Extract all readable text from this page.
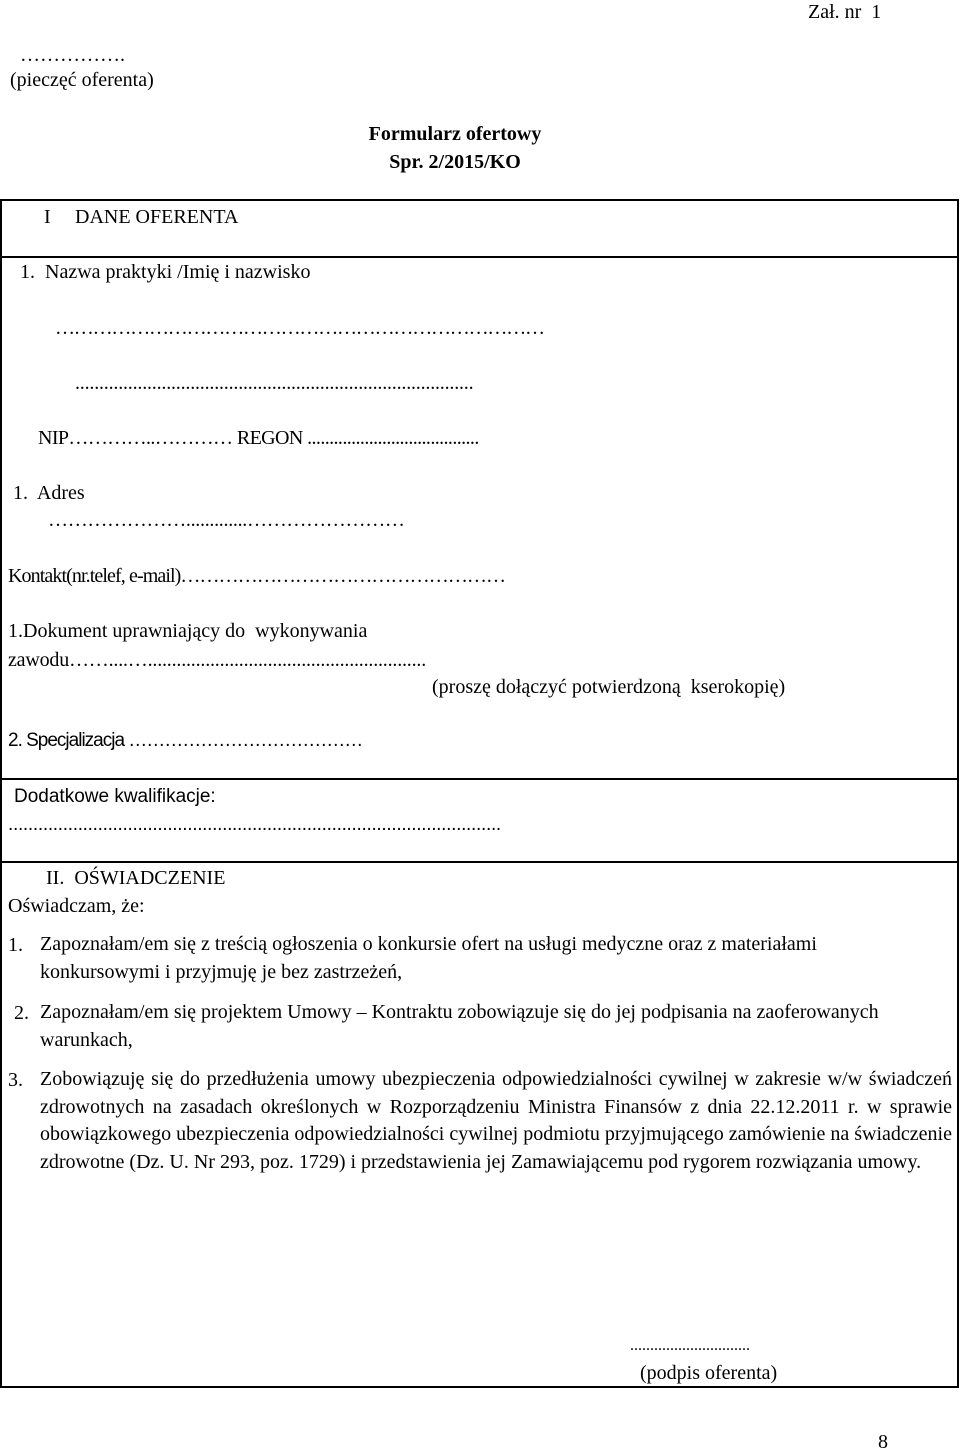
Zał. nr  1
…………….
(pieczęć oferenta)
Formularz ofertowy
Spr. 2/2015/KO
I DANE OFERENTA
1.  Nazwa praktyki /Imię i nazwisko
……………………………………………………………………
...................................................................................
NIP…………..………… REGON .......................................
1.  Adres
………………….............……………………
Kontakt(nr.telef, e-mail)……………………………………………
1.Dokument uprawniający do  wykonywania
zawodu……....…..........................................................
(proszę dołączyć potwierdzoną  kserokopię)
2. Specjalizacja …………………………………
Dodatkowe kwalifikacje:
...................................................................................................
II.  OŚWIADCZENIE
Oświadczam, że:
1. Zapoznałam/em się z treścią ogłoszenia o konkursie ofert na usługi medyczne oraz z materiałami konkursowymi i przyjmuję je bez zastrzeżeń,
2. Zapoznałam/em się projektem Umowy – Kontraktu zobowiązuje się do jej podpisania na zaoferowanych warunkach,
3. Zobowiązuję się do przedłużenia umowy ubezpieczenia odpowiedzialności cywilnej w zakresie w/w świadczeń zdrowotnych na zasadach określonych w Rozporządzeniu Ministra Finansów z dnia 22.12.2011 r. w sprawie obowiązkowego ubezpieczenia odpowiedzialności cywilnej podmiotu przyjmującego zamówienie na świadczenie zdrowotne (Dz. U. Nr 293, poz. 1729) i przedstawienia jej Zamawiającemu pod rygorem rozwiązania umowy.
..............................
(podpis oferenta)
8
